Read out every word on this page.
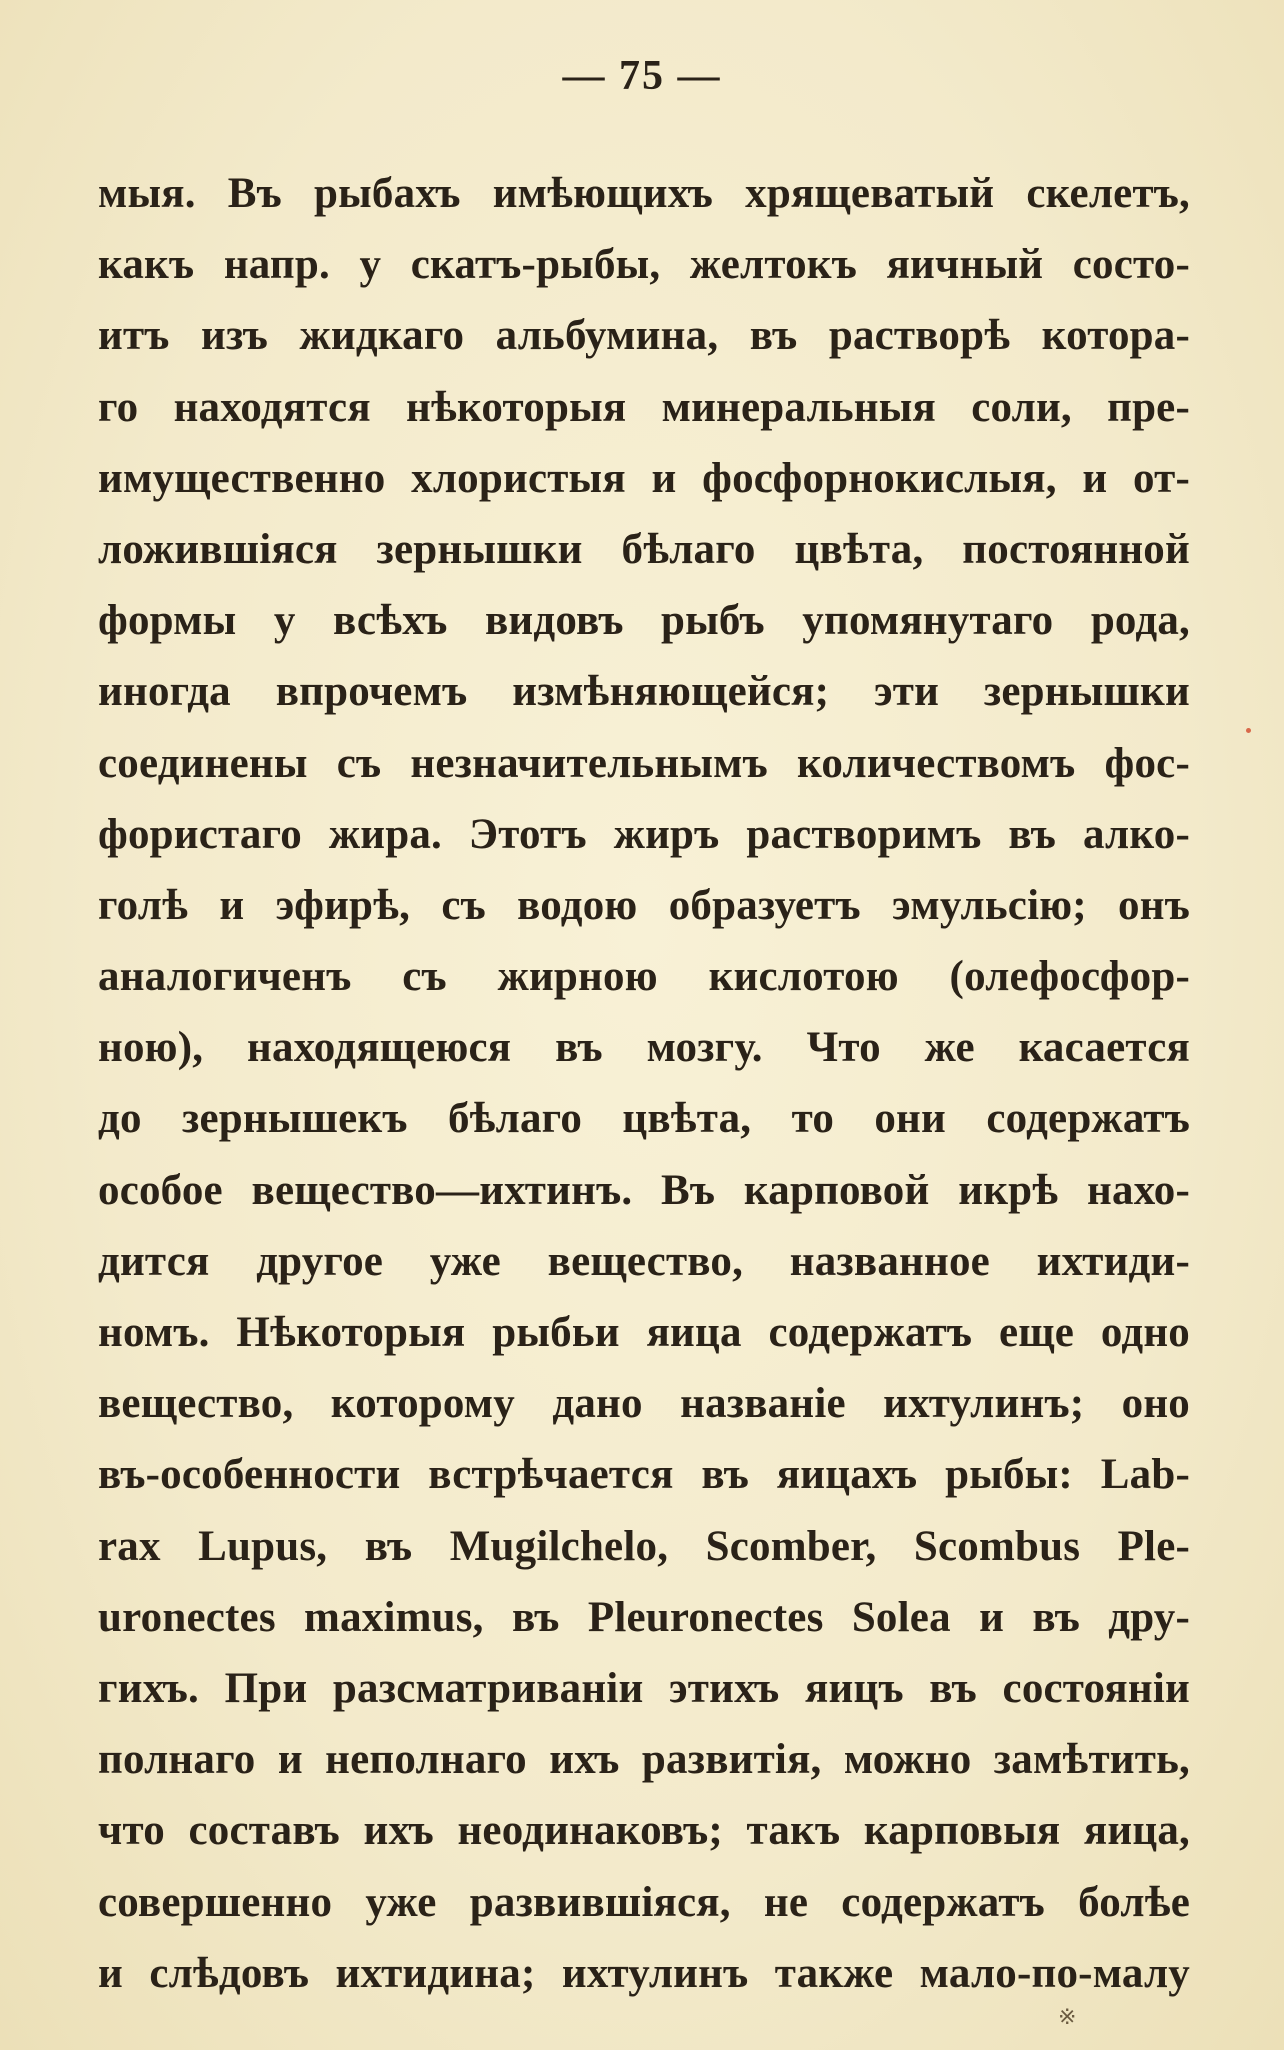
— 75 —
мыя. Въ рыбахъ имѣющихъ хрящеватый скелетъ,
какъ напр. у скатъ-рыбы, желтокъ яичный состо-
итъ изъ жидкаго альбумина, въ растворѣ котора-
го находятся нѣкоторыя минеральныя соли, пре-
имущественно хлористыя и фосфорнокислыя, и от-
ложившіяся зернышки бѣлаго цвѣта, постоянной
формы у всѣхъ видовъ рыбъ упомянутаго рода,
иногда впрочемъ измѣняющейся; эти зернышки
соединены съ незначительнымъ количествомъ фос-
фористаго жира. Этотъ жиръ растворимъ въ алко-
голѣ и эфирѣ, съ водою образуетъ эмульсію; онъ
аналогиченъ съ жирною кислотою (олефосфор-
ною), находящеюся въ мозгу. Что же касается
до зернышекъ бѣлаго цвѣта, то они содержатъ
особое вещество—ихтинъ. Въ карповой икрѣ нахо-
дится другое уже вещество, названное ихтиди-
номъ. Нѣкоторыя рыбьи яица содержатъ еще одно
вещество, которому дано названіе ихтулинъ; оно
въ-особенности встрѣчается въ яицахъ рыбы: Lab-
rax Lupus, въ Mugilchelo, Scomber, Scombus Ple-
uronectes maximus, въ Pleuronectes Solea и въ дру-
гихъ. При разсматриваніи этихъ яицъ въ состояніи
полнаго и неполнаго ихъ развитія, можно замѣтить,
что составъ ихъ неодинаковъ; такъ карповыя яица,
совершенно уже развившіяся, не содержатъ болѣе
и слѣдовъ ихтидина; ихтулинъ также мало-по-малу
※
